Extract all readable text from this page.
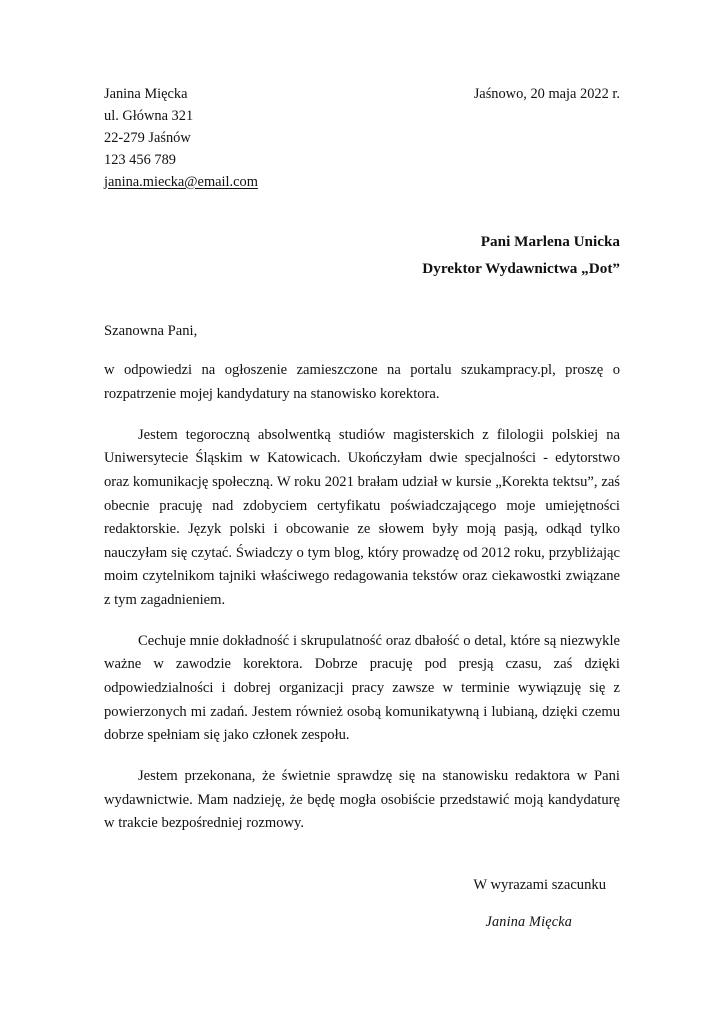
Janina Mięcka
ul. Główna 321
22-279 Jaśnów
123 456 789
janina.miecka@email.com
Jaśnowo, 20 maja 2022 r.
Pani Marlena Unicka
Dyrektor Wydawnictwa „Dot”
Szanowna Pani,

w odpowiedzi na ogłoszenie zamieszczone na portalu szukampracy.pl, proszę o rozpatrzenie mojej kandydatury na stanowisko korektora.

Jestem tegoroczną absolwentką studiów magisterskich z filologii polskiej na Uniwersytecie Śląskim w Katowicach. Ukończyłam dwie specjalności - edytorstwo oraz komunikację społeczną. W roku 2021 brałam udział w kursie „Korekta tektsu”, zaś obecnie pracuję nad zdobyciem certyfikatu poświadczającego moje umiejętności redaktorskie. Język polski i obcowanie ze słowem były moją pasją, odkąd tylko nauczyłam się czytać. Świadczy o tym blog, który prowadzę od 2012 roku, przybliżając moim czytelnikom tajniki właściwego redagowania tekstów oraz ciekawostki związane z tym zagadnieniem.

Cechuje mnie dokładność i skrupulatność oraz dbałość o detal, które są niezwykle ważne w zawodzie korektora. Dobrze pracuję pod presją czasu, zaś dzięki odpowiedzialności i dobrej organizacji pracy zawsze w terminie wywiązuję się z powierzonych mi zadań. Jestem również osobą komunikatywną i lubianą, dzięki czemu dobrze spełniam się jako członek zespołu.

Jestem przekonana, że świetnie sprawdzę się na stanowisku redaktora w Pani wydawnictwie. Mam nadzieję, że będę mogła osobiście przedstawić moją kandydaturę w trakcie bezpośredniej rozmowy.

W wyrazami szacunku
Janina Mięcka
